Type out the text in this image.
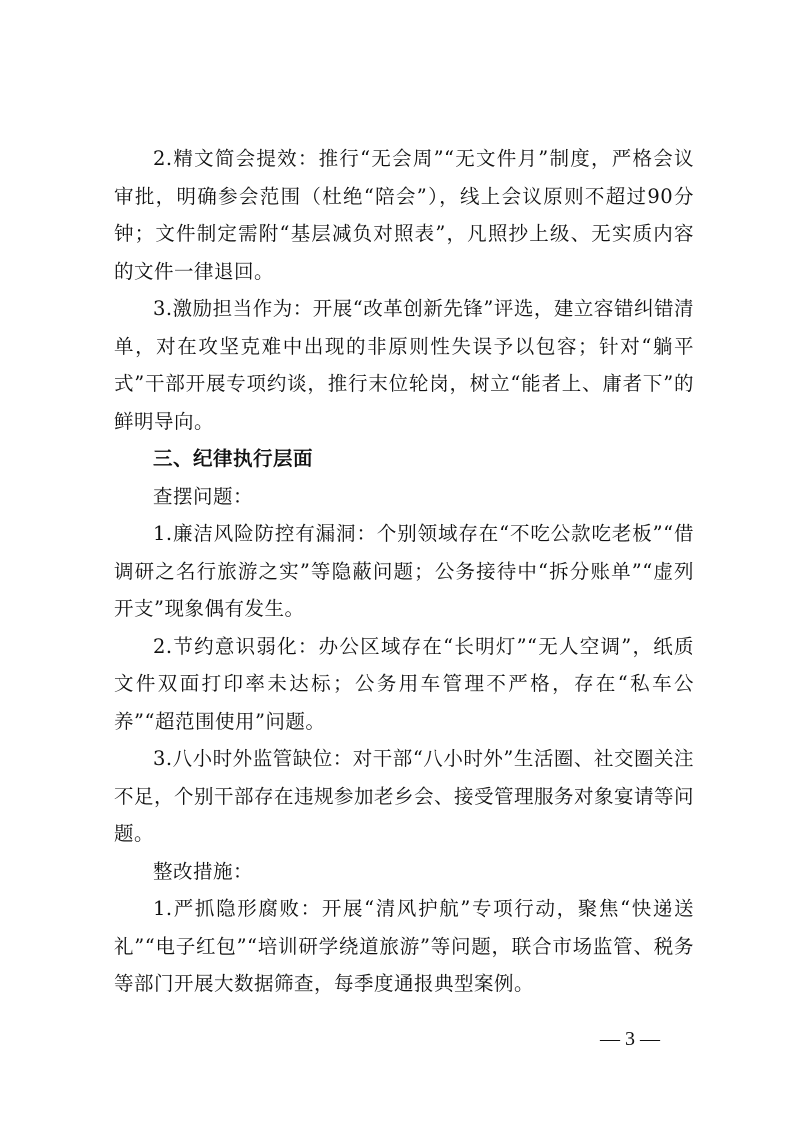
2.精文简会提效：推行“无会周”“无文件月”制度，严格会议审批，明确参会范围（杜绝“陪会”），线上会议原则不超过90分钟；文件制定需附“基层减负对照表”，凡照抄上级、无实质内容的文件一律退回。

3.激励担当作为：开展“改革创新先锋”评选，建立容错纠错清单，对在攻坚克难中出现的非原则性失误予以包容；针对“躺平式”干部开展专项约谈，推行末位轮岗，树立“能者上、庸者下”的鲜明导向。

三、纪律执行层面

查摆问题：

1.廉洁风险防控有漏洞：个别领域存在“不吃公款吃老板”“借调研之名行旅游之实”等隐蔽问题；公务接待中“拆分账单”“虚列开支”现象偶有发生。

2.节约意识弱化：办公区域存在“长明灯”“无人空调”，纸质文件双面打印率未达标；公务用车管理不严格，存在“私车公养”“超范围使用”问题。

3.八小时外监管缺位：对干部“八小时外”生活圈、社交圈关注不足，个别干部存在违规参加老乡会、接受管理服务对象宴请等问题。

整改措施：

1.严抓隐形腐败：开展“清风护航”专项行动，聚焦“快递送礼”“电子红包”“培训研学绕道旅游”等问题，联合市场监管、税务等部门开展大数据筛查，每季度通报典型案例。

— 3 —
